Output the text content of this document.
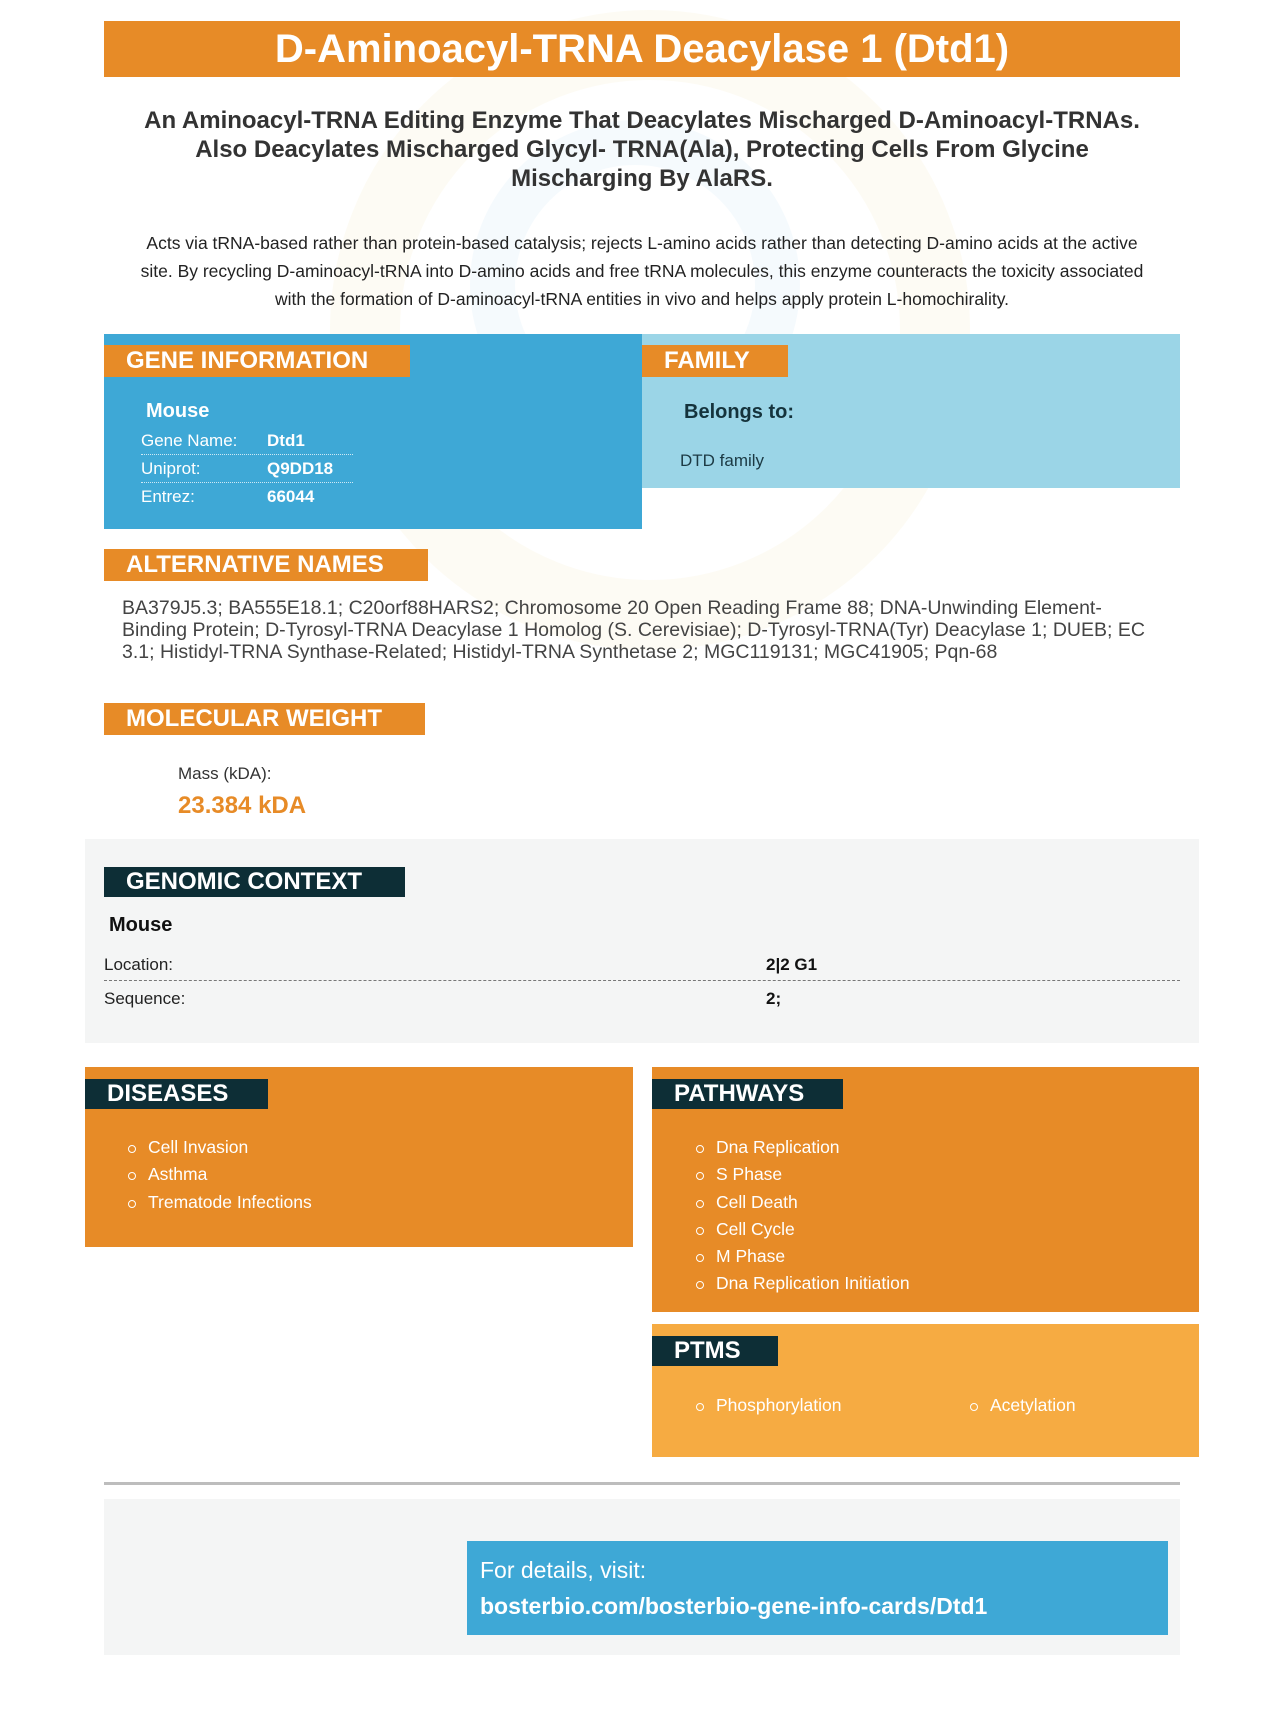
D-Aminoacyl-TRNA Deacylase 1 (Dtd1)
An Aminoacyl-TRNA Editing Enzyme That Deacylates Mischarged D-Aminoacyl-TRNAs. Also Deacylates Mischarged Glycyl- TRNA(Ala), Protecting Cells From Glycine Mischarging By AlaRS.
Acts via tRNA-based rather than protein-based catalysis; rejects L-amino acids rather than detecting D-amino acids at the active site. By recycling D-aminoacyl-tRNA into D-amino acids and free tRNA molecules, this enzyme counteracts the toxicity associated with the formation of D-aminoacyl-tRNA entities in vivo and helps apply protein L-homochirality.
GENE INFORMATION
Mouse
Gene Name: Dtd1
Uniprot:	Q9DD18
Entrez:	66044
FAMILY
Belongs to:
DTD family
ALTERNATIVE NAMES
BA379J5.3; BA555E18.1; C20orf88HARS2; Chromosome 20 Open Reading Frame 88; DNA-Unwinding Element-Binding Protein; D-Tyrosyl-TRNA Deacylase 1 Homolog (S. Cerevisiae); D-Tyrosyl-TRNA(Tyr) Deacylase 1; DUEB; EC 3.1; Histidyl-TRNA Synthase-Related; Histidyl-TRNA Synthetase 2; MGC119131; MGC41905; Pqn-68
MOLECULAR WEIGHT
Mass (kDA):
23.384 kDA
GENOMIC CONTEXT
Mouse
Location:	2|2 G1
Sequence:	2;
DISEASES
Cell Invasion
Asthma
Trematode Infections
PATHWAYS
Dna Replication
S Phase
Cell Death
Cell Cycle
M Phase
Dna Replication Initiation
PTMS
Phosphorylation	Acetylation
For details, visit:
bosterbio.com/bosterbio-gene-info-cards/Dtd1
